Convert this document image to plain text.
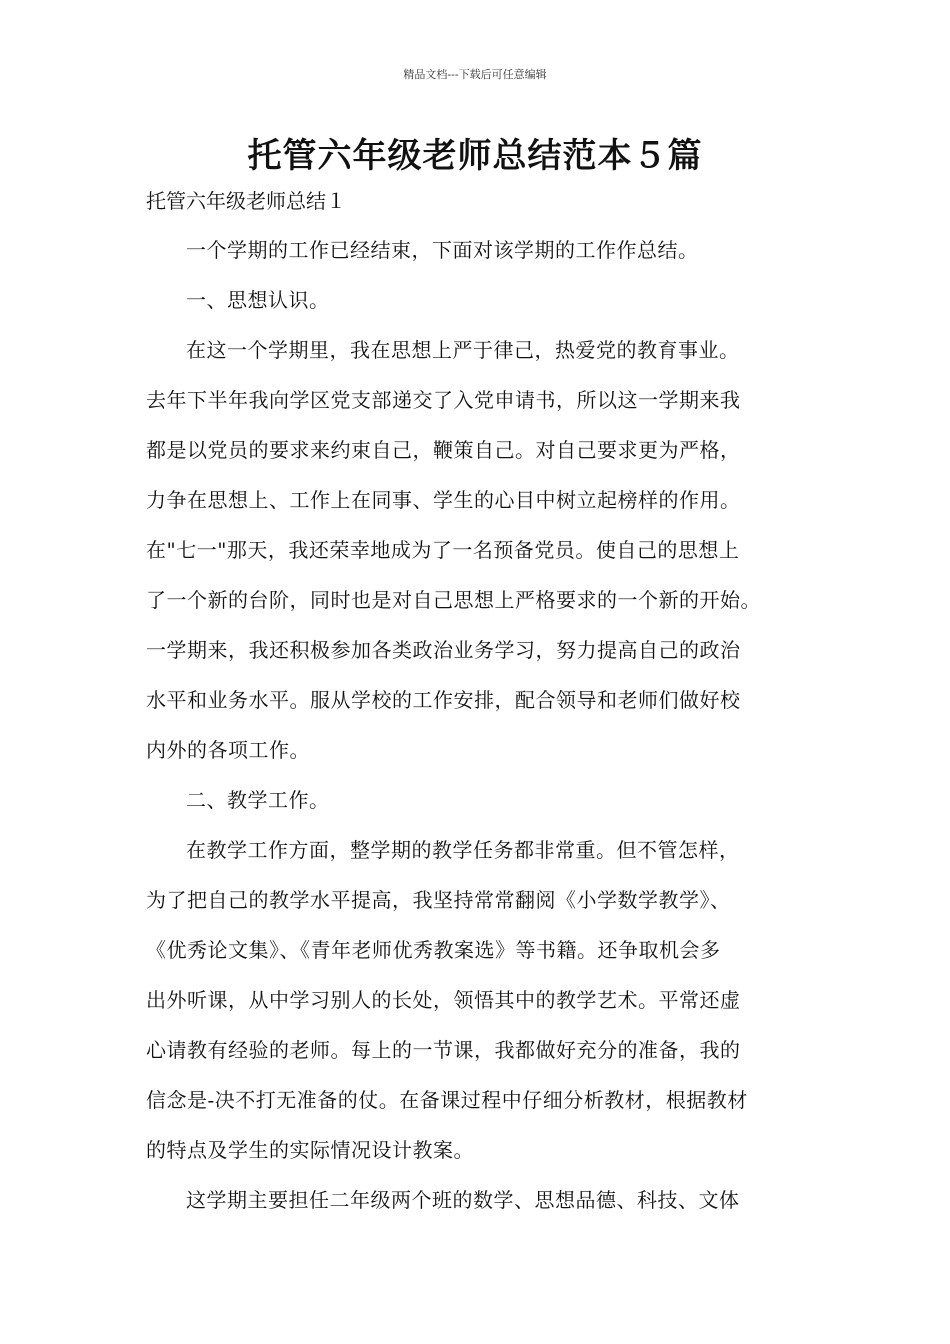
精品文档---下载后可任意编辑
托管六年级老师总结范本５篇
托管六年级老师总结１

一个学期的工作已经结束，下面对该学期的工作作总结。

一、思想认识。

在这一个学期里，我在思想上严于律己，热爱党的教育事业。
去年下半年我向学区党支部递交了入党申请书，所以这一学期来我
都是以党员的要求来约束自己，鞭策自己。对自己要求更为严格，
力争在思想上、工作上在同事、学生的心目中树立起榜样的作用。
在"七一"那天，我还荣幸地成为了一名预备党员。使自己的思想上
了一个新的台阶，同时也是对自己思想上严格要求的一个新的开始。
一学期来，我还积极参加各类政治业务学习，努力提高自己的政治
水平和业务水平。服从学校的工作安排，配合领导和老师们做好校
内外的各项工作。

二、教学工作。

在教学工作方面，整学期的教学任务都非常重。但不管怎样，
为了把自己的教学水平提高，我坚持常常翻阅《小学数学教学》、
《优秀论文集》、《青年老师优秀教案选》等书籍。还争取机会多
出外听课，从中学习别人的长处，领悟其中的教学艺术。平常还虚
心请教有经验的老师。每上的一节课，我都做好充分的准备，我的
信念是-决不打无准备的仗。在备课过程中仔细分析教材，根据教材
的特点及学生的实际情况设计教案。
这学期主要担任二年级两个班的数学、思想品德、科技、文体
